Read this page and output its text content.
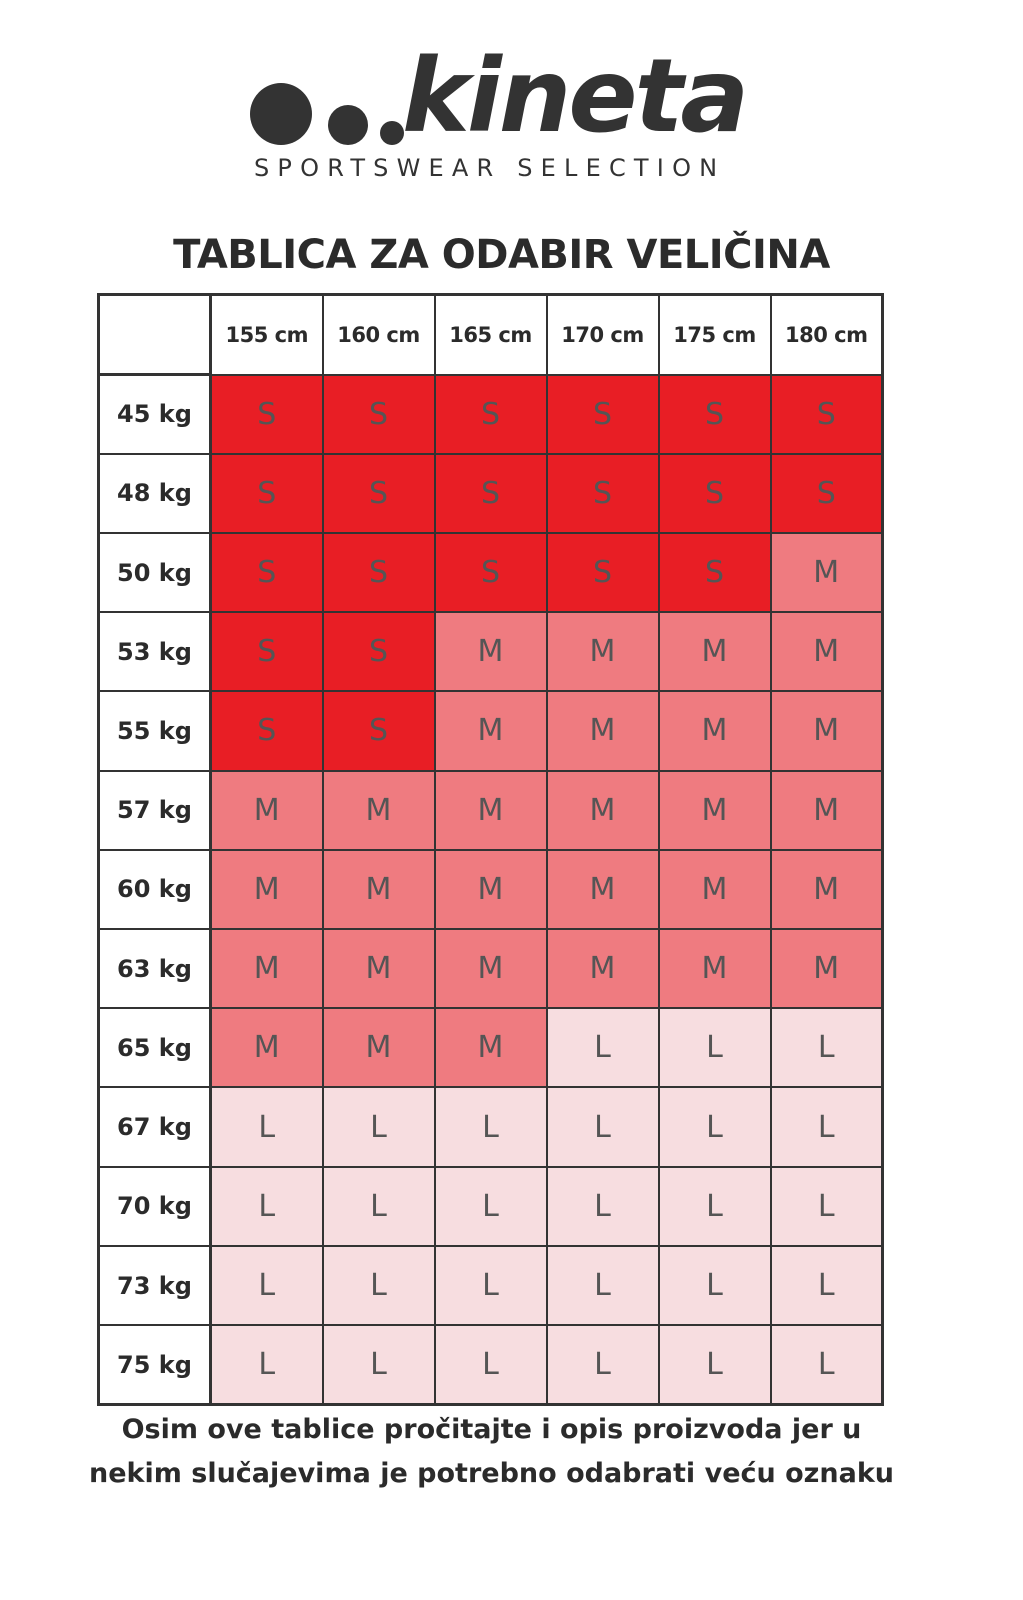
kineta
SPORTSWEAR SELECTION
TABLICA ZA ODABIR VELIČINA
	155 cm	160 cm	165 cm	170 cm	175 cm	180 cm
45 kg	S	S	S	S	S	S
48 kg	S	S	S	S	S	S
50 kg	S	S	S	S	S	M
53 kg	S	S	M	M	M	M
55 kg	S	S	M	M	M	M
57 kg	M	M	M	M	M	M
60 kg	M	M	M	M	M	M
63 kg	M	M	M	M	M	M
65 kg	M	M	M	L	L	L
67 kg	L	L	L	L	L	L
70 kg	L	L	L	L	L	L
73 kg	L	L	L	L	L	L
75 kg	L	L	L	L	L	L
Osim ove tablice pročitajte i opis proizvoda jer u
nekim slučajevima je potrebno odabrati veću oznaku
